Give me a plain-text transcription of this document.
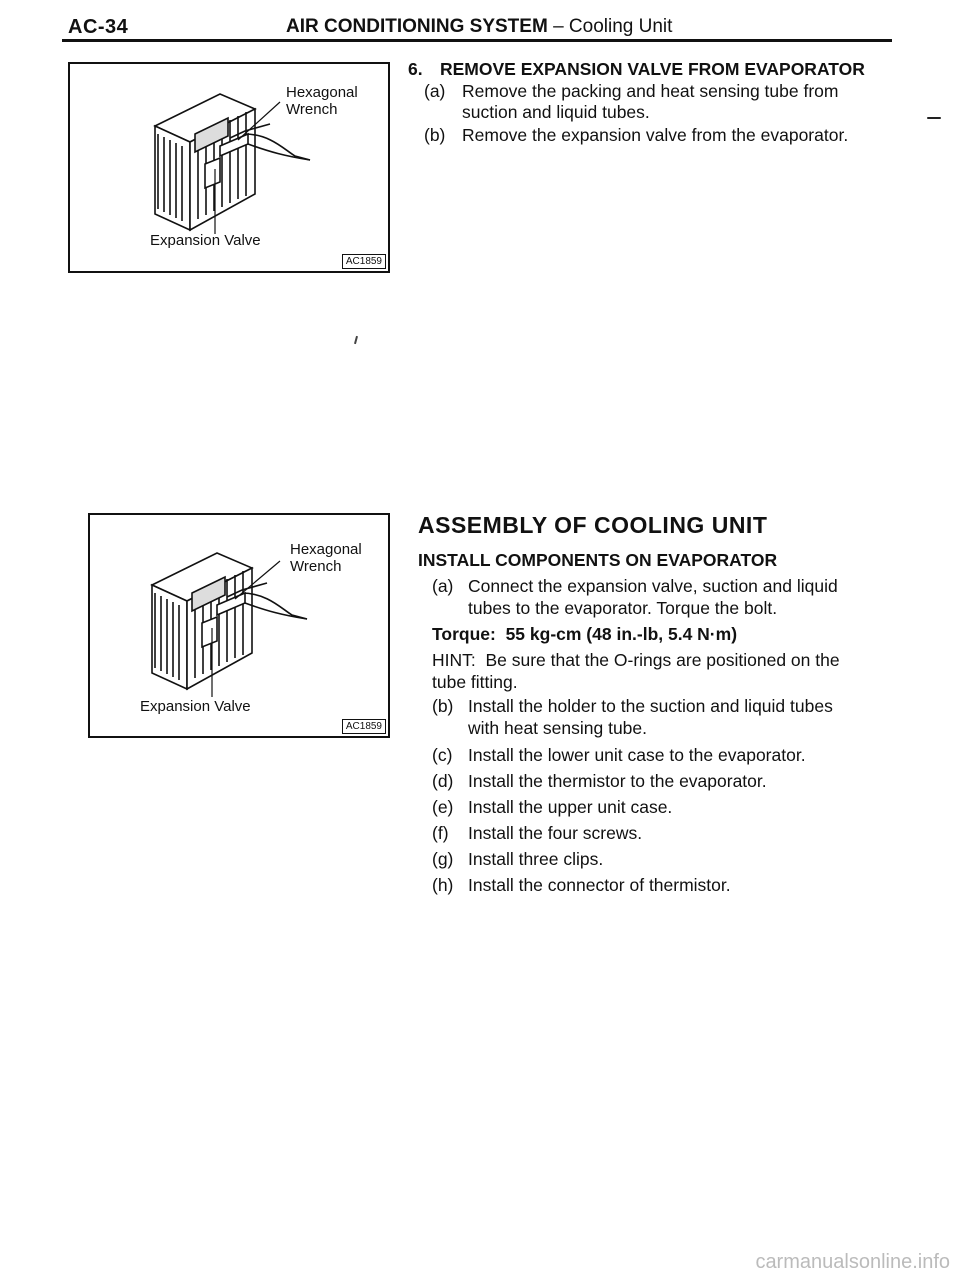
AC-34	AIR CONDITIONING SYSTEM – Cooling Unit
Hexagonal
Wrench
Expansion Valve
AC1859
6. REMOVE EXPANSION VALVE FROM EVAPORATOR
(a) Remove the packing and heat sensing tube from
suction and liquid tubes.
(b) Remove the expansion valve from the evaporator.
Hexagonal
Wrench
Expansion Valve
AC1859
ASSEMBLY OF COOLING UNIT
INSTALL COMPONENTS ON EVAPORATOR
(a) Connect the expansion valve, suction and liquid
tubes to the evaporator. Torque the bolt.
Torque: 55 kg-cm (48 in.-lb, 5.4 N·m)
HINT: Be sure that the O-rings are positioned on the
tube fitting.
(b) Install the holder to the suction and liquid tubes
with heat sensing tube.
(c) Install the lower unit case to the evaporator.
(d) Install the thermistor to the evaporator.
(e) Install the upper unit case.
(f) Install the four screws.
(g) Install three clips.
(h) Install the connector of thermistor.
carmanualsonline.info
